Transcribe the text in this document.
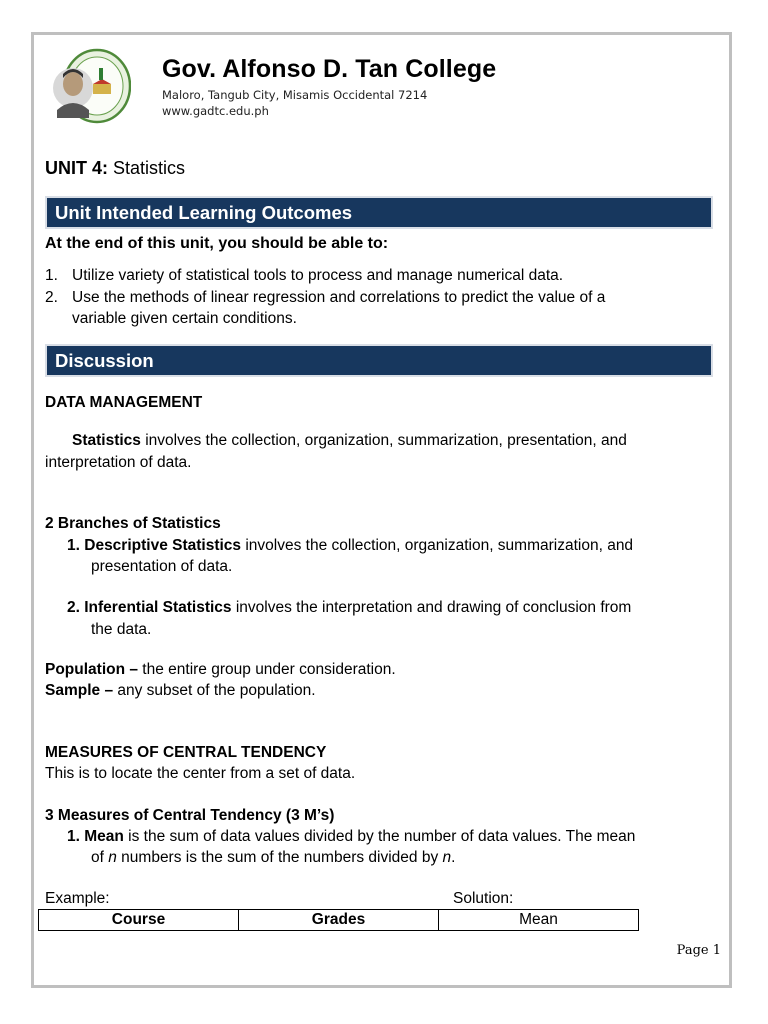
Gov. Alfonso D. Tan College
Maloro, Tangub City, Misamis Occidental 7214
www.gadtc.edu.ph
UNIT 4: Statistics
Unit Intended Learning Outcomes
At the end of this unit, you should be able to:
1. Utilize variety of statistical tools to process and manage numerical data.
2. Use the methods of linear regression and correlations to predict the value of a
variable given certain conditions.
Discussion
DATA MANAGEMENT
Statistics involves the collection, organization, summarization, presentation, and
interpretation of data.
2 Branches of Statistics
1. Descriptive Statistics involves the collection, organization, summarization, and
presentation of data.
2. Inferential Statistics involves the interpretation and drawing of conclusion from
the data.
Population – the entire group under consideration.
Sample – any subset of the population.
MEASURES OF CENTRAL TENDENCY
This is to locate the center from a set of data.
3 Measures of Central Tendency (3 M’s)
1. Mean is the sum of data values divided by the number of data values. The mean
of n numbers is the sum of the numbers divided by n.
Example:	Solution:
Course	Grades	Mean
Page 1
